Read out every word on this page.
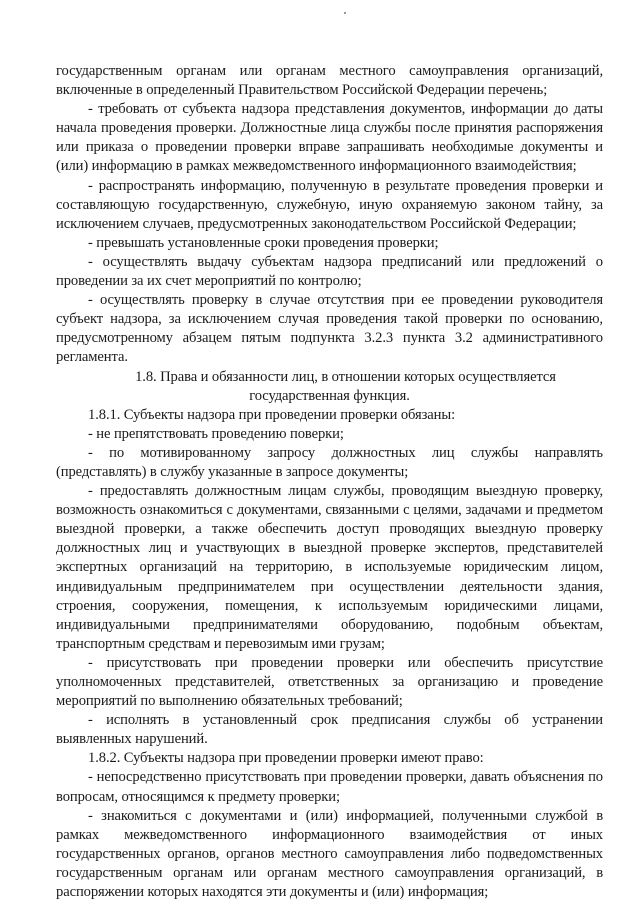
государственным органам или органам местного самоуправления организаций, включенные в определенный Правительством Российской Федерации перечень;

- требовать от субъекта надзора представления документов, информации до даты начала проведения проверки. Должностные лица службы после принятия распоряжения или приказа о проведении проверки вправе запрашивать необходимые документы и (или) информацию в рамках межведомственного информационного взаимодействия;

- распространять информацию, полученную в результате проведения проверки и составляющую государственную, служебную, иную охраняемую законом тайну, за исключением случаев, предусмотренных законодательством Российской Федерации;

- превышать установленные сроки проведения проверки;

- осуществлять выдачу субъектам надзора предписаний или предложений о проведении за их счет мероприятий по контролю;

- осуществлять проверку в случае отсутствия при ее проведении руководителя субъект надзора, за исключением случая проведения такой проверки по основанию, предусмотренному абзацем пятым подпункта 3.2.3 пункта 3.2 административного регламента.

1.8. Права и обязанности лиц, в отношении которых осуществляется государственная функция.

1.8.1. Субъекты надзора при проведении проверки обязаны:

- не препятствовать проведению поверки;

- по мотивированному запросу должностных лиц службы направлять (представлять) в службу указанные в запросе документы;

- предоставлять должностным лицам службы, проводящим выездную проверку, возможность ознакомиться с документами, связанными с целями, задачами и предметом выездной проверки, а также обеспечить доступ проводящих выездную проверку должностных лиц и участвующих в выездной проверке экспертов, представителей экспертных организаций на территорию, в используемые юридическим лицом, индивидуальным предпринимателем при осуществлении деятельности здания, строения, сооружения, помещения, к используемым юридическими лицами, индивидуальными предпринимателями оборудованию, подобным объектам, транспортным средствам и перевозимым ими грузам;

- присутствовать при проведении проверки или обеспечить присутствие уполномоченных представителей, ответственных за организацию и проведение мероприятий по выполнению обязательных требований;

- исполнять в установленный срок предписания службы об устранении выявленных нарушений.

1.8.2. Субъекты надзора при проведении проверки имеют право:

- непосредственно присутствовать при проведении проверки, давать объяснения по вопросам, относящимся к предмету проверки;

- знакомиться с документами и (или) информацией, полученными службой в рамках межведомственного информационного взаимодействия от иных государственных органов, органов местного самоуправления либо подведомственных государственным органам или органам местного самоуправления организаций, в распоряжении которых находятся эти документы и (или) информация;
